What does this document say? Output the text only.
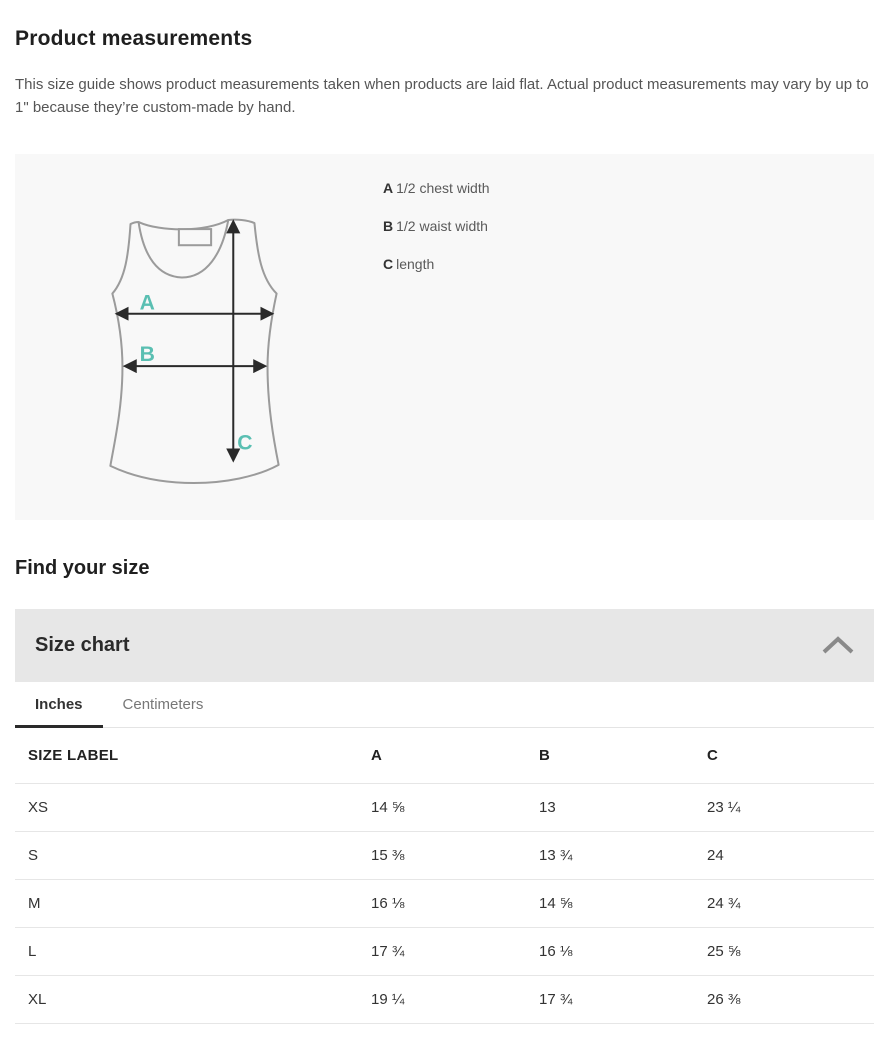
Product measurements

This size guide shows product measurements taken when products are laid flat. Actual product measurements may vary by up to 1" because they’re custom-made by hand.

A
B
C
A 1/2 chest width
B 1/2 waist width
C length
Find your size
Size chart
Inches	Centimeters
SIZE LABEL	A	B	C
XS	14 ⅝	13	23 ¼
S	15 ⅜	13 ¾	24
M	16 ⅛	14 ⅝	24 ¾
L	17 ¾	16 ⅛	25 ⅝
XL	19 ¼	17 ¾	26 ⅜
